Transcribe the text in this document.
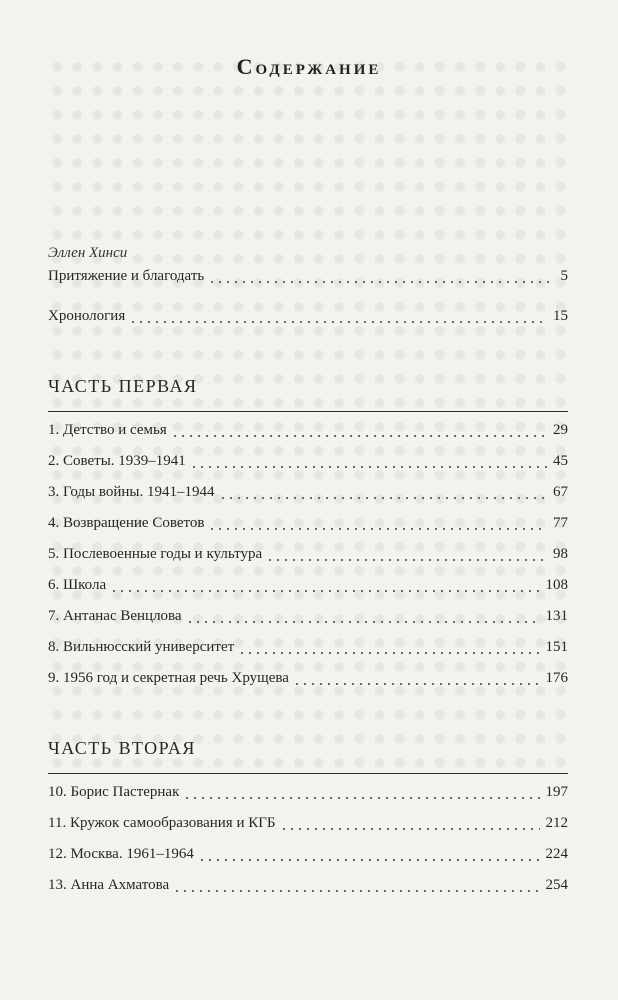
Содержание
Эллен Хинси
Притяжение и благодать	5
Хронология	15
ЧАСТЬ ПЕРВАЯ
1. Детство и семья	29
2. Советы. 1939–1941	45
3. Годы войны. 1941–1944	67
4. Возвращение Советов	77
5. Послевоенные годы и культура	98
6. Школа	108
7. Антанас Венцлова	131
8. Вильнюсский университет	151
9. 1956 год и секретная речь Хрущева	176
ЧАСТЬ ВТОРАЯ
10. Борис Пастернак	197
11. Кружок самообразования и КГБ	212
12. Москва. 1961–1964	224
13. Анна Ахматова	254
